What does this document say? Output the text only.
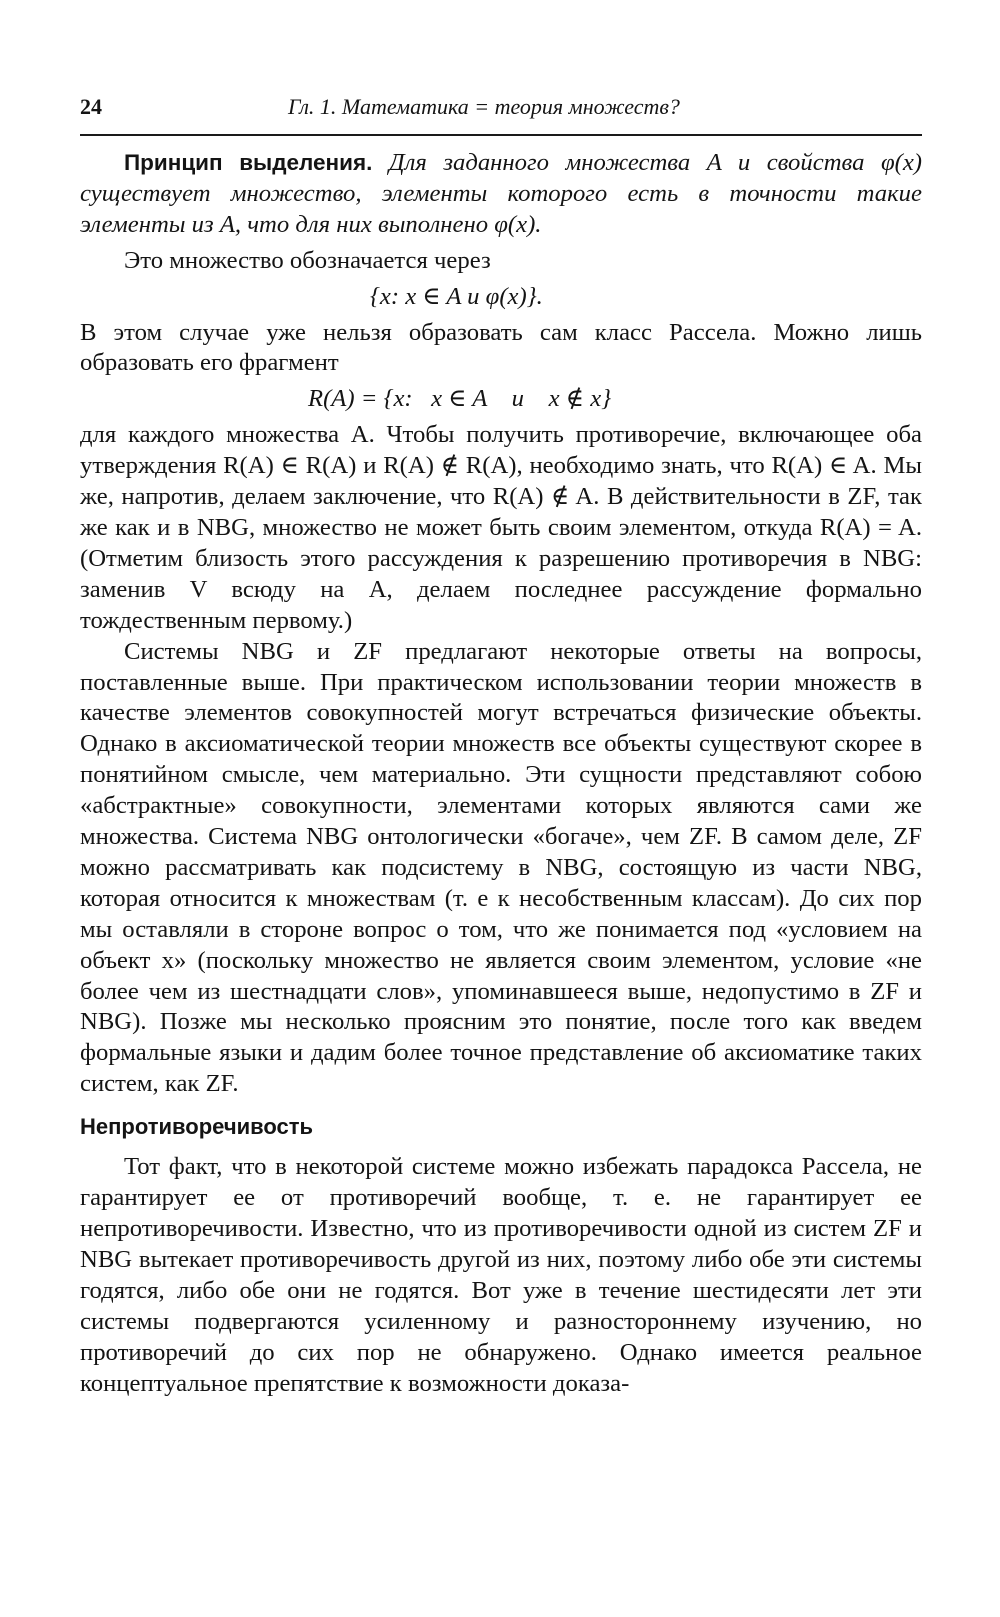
24	Гл. 1. Математика = теория множеств?

Принцип выделения. Для заданного множества A и свойства φ(x) существует множество, элементы которого есть в точности такие элементы из A, что для них выполнено φ(x).

Это множество обозначается через

{x: x ∈ A и φ(x)}.

В этом случае уже нельзя образовать сам класс Рассела. Можно лишь образовать его фрагмент

R(A) = {x:   x ∈ A    и    x ∉ x}

для каждого множества A. Чтобы получить противоречие, включающее оба утверждения R(A) ∈ R(A) и R(A) ∉ R(A), необходимо знать, что R(A) ∈ A. Мы же, напротив, делаем заключение, что R(A) ∉ A. В действительности в ZF, так же как и в NBG, множество не может быть своим элементом, откуда R(A) = A. (Отметим близость этого рассуждения к разрешению противоречия в NBG: заменив V всюду на A, делаем последнее рассуждение формально тождественным первому.)

Системы NBG и ZF предлагают некоторые ответы на вопросы, поставленные выше. При практическом использовании теории множеств в качестве элементов совокупностей могут встречаться физические объекты. Однако в аксиоматической теории множеств все объекты существуют скорее в понятийном смысле, чем материально. Эти сущности представляют собою «абстрактные» совокупности, элементами которых являются сами же множества. Система NBG онтологически «богаче», чем ZF. В самом деле, ZF можно рассматривать как подсистему в NBG, состоящую из части NBG, которая относится к множествам (т. е к несобственным классам). До сих пор мы оставляли в стороне вопрос о том, что же понимается под «условием на объект x» (поскольку множество не является своим элементом, условие «не более чем из шестнадцати слов», упоминавшееся выше, недопустимо в ZF и NBG). Позже мы несколько проясним это понятие, после того как введем формальные языки и дадим более точное представление об аксиоматике таких систем, как ZF.

Непротиворечивость

Тот факт, что в некоторой системе можно избежать парадокса Рассела, не гарантирует ее от противоречий вообще, т. е. не гарантирует ее непротиворечивости. Известно, что из противоречивости одной из систем ZF и NBG вытекает противоречивость другой из них, поэтому либо обе эти системы годятся, либо обе они не годятся. Вот уже в течение шестидесяти лет эти системы подвергаются усиленному и разностороннему изучению, но противоречий до сих пор не обнаружено. Однако имеется реальное концептуальное препятствие к возможности доказа-
